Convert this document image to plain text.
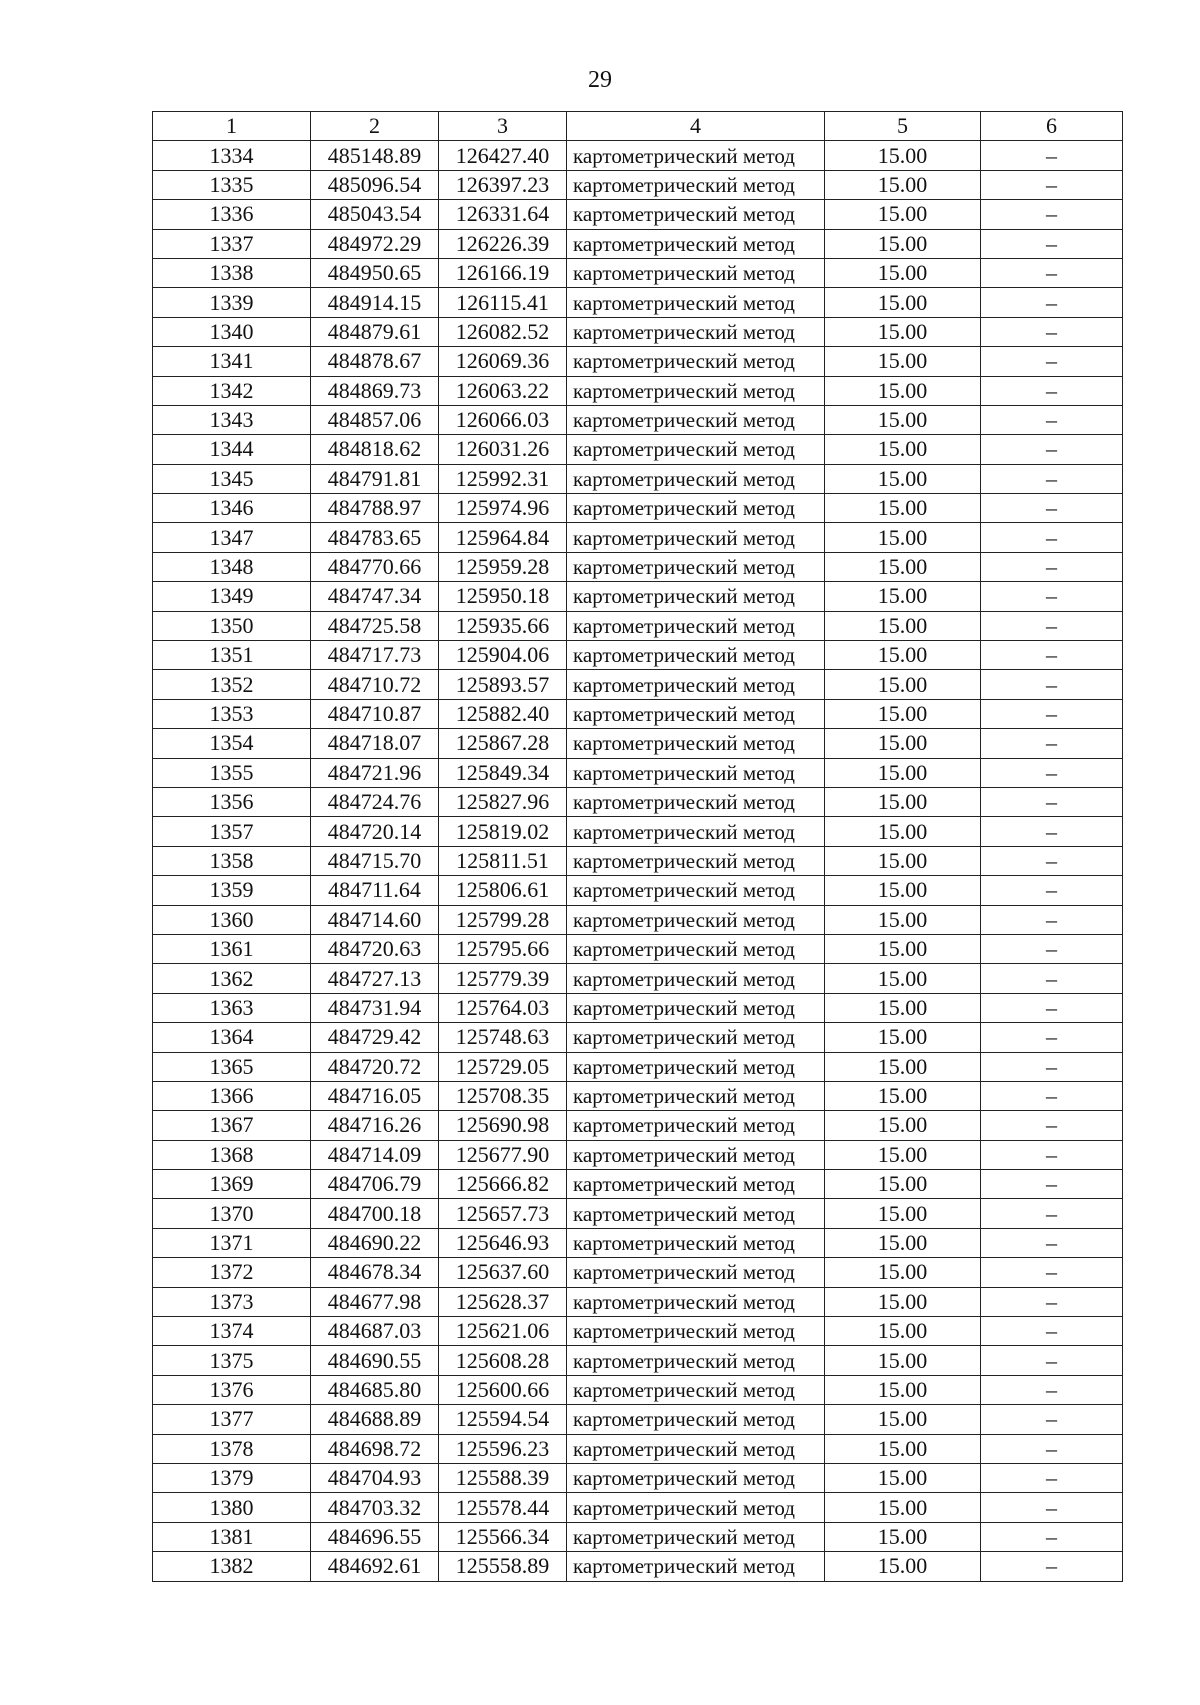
29
1	2	3	4	5	6
1334	485148.89	126427.40	картометрический метод	15.00	–
1335	485096.54	126397.23	картометрический метод	15.00	–
1336	485043.54	126331.64	картометрический метод	15.00	–
1337	484972.29	126226.39	картометрический метод	15.00	–
1338	484950.65	126166.19	картометрический метод	15.00	–
1339	484914.15	126115.41	картометрический метод	15.00	–
1340	484879.61	126082.52	картометрический метод	15.00	–
1341	484878.67	126069.36	картометрический метод	15.00	–
1342	484869.73	126063.22	картометрический метод	15.00	–
1343	484857.06	126066.03	картометрический метод	15.00	–
1344	484818.62	126031.26	картометрический метод	15.00	–
1345	484791.81	125992.31	картометрический метод	15.00	–
1346	484788.97	125974.96	картометрический метод	15.00	–
1347	484783.65	125964.84	картометрический метод	15.00	–
1348	484770.66	125959.28	картометрический метод	15.00	–
1349	484747.34	125950.18	картометрический метод	15.00	–
1350	484725.58	125935.66	картометрический метод	15.00	–
1351	484717.73	125904.06	картометрический метод	15.00	–
1352	484710.72	125893.57	картометрический метод	15.00	–
1353	484710.87	125882.40	картометрический метод	15.00	–
1354	484718.07	125867.28	картометрический метод	15.00	–
1355	484721.96	125849.34	картометрический метод	15.00	–
1356	484724.76	125827.96	картометрический метод	15.00	–
1357	484720.14	125819.02	картометрический метод	15.00	–
1358	484715.70	125811.51	картометрический метод	15.00	–
1359	484711.64	125806.61	картометрический метод	15.00	–
1360	484714.60	125799.28	картометрический метод	15.00	–
1361	484720.63	125795.66	картометрический метод	15.00	–
1362	484727.13	125779.39	картометрический метод	15.00	–
1363	484731.94	125764.03	картометрический метод	15.00	–
1364	484729.42	125748.63	картометрический метод	15.00	–
1365	484720.72	125729.05	картометрический метод	15.00	–
1366	484716.05	125708.35	картометрический метод	15.00	–
1367	484716.26	125690.98	картометрический метод	15.00	–
1368	484714.09	125677.90	картометрический метод	15.00	–
1369	484706.79	125666.82	картометрический метод	15.00	–
1370	484700.18	125657.73	картометрический метод	15.00	–
1371	484690.22	125646.93	картометрический метод	15.00	–
1372	484678.34	125637.60	картометрический метод	15.00	–
1373	484677.98	125628.37	картометрический метод	15.00	–
1374	484687.03	125621.06	картометрический метод	15.00	–
1375	484690.55	125608.28	картометрический метод	15.00	–
1376	484685.80	125600.66	картометрический метод	15.00	–
1377	484688.89	125594.54	картометрический метод	15.00	–
1378	484698.72	125596.23	картометрический метод	15.00	–
1379	484704.93	125588.39	картометрический метод	15.00	–
1380	484703.32	125578.44	картометрический метод	15.00	–
1381	484696.55	125566.34	картометрический метод	15.00	–
1382	484692.61	125558.89	картометрический метод	15.00	–
